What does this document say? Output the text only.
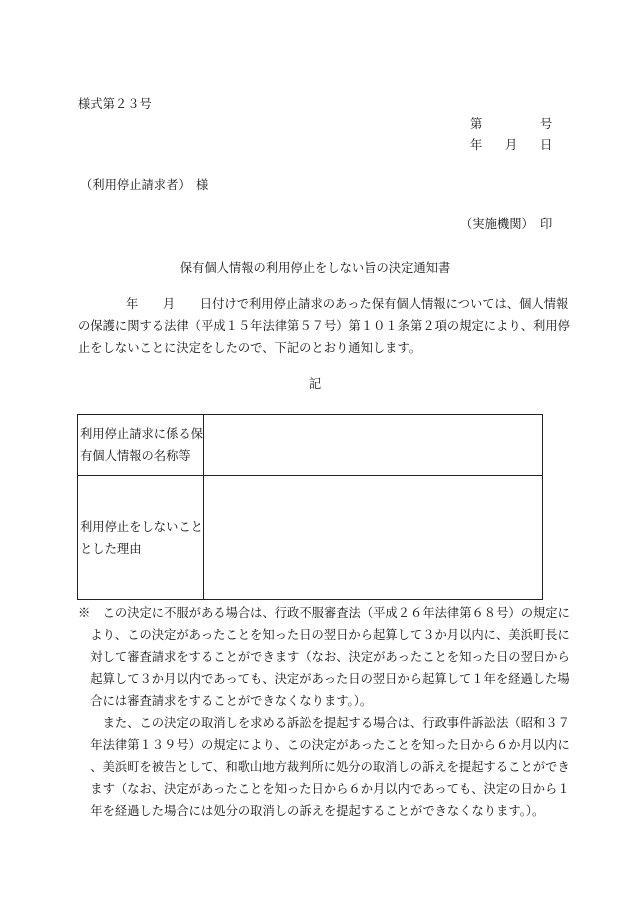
様式第２３号
第	号
年 月 日
（利用停止請求者） 様
（実施機関） 印
保有個人情報の利用停止をしない旨の決定通知書
年　　月　　日付けで利用停止請求のあった保有個人情報については、個人情報
の保護に関する法律（平成１５年法律第５７号）第１０１条第２項の規定により、利用停
止をしないことに決定をしたので、下記のとおり通知します。
記
利用停止請求に係る保
有個人情報の名称等	

利用停止をしないこと
とした理由	

※　この決定に不服がある場合は、行政不服審査法（平成２６年法律第６８号）の規定に
　より、この決定があったことを知った日の翌日から起算して３か月以内に、美浜町長に
　対して審査請求をすることができます（なお、決定があったことを知った日の翌日から
　起算して３か月以内であっても、決定があった日の翌日から起算して１年を経過した場
　合には審査請求をすることができなくなります。）。
　　また、この決定の取消しを求める訴訟を提起する場合は、行政事件訴訟法（昭和３７
　年法律第１３９号）の規定により、この決定があったことを知った日から６か月以内に
　、美浜町を被告として、和歌山地方裁判所に処分の取消しの訴えを提起することができ
　ます（なお、決定があったことを知った日から６か月以内であっても、決定の日から１
　年を経過した場合には処分の取消しの訴えを提起することができなくなります。）。
